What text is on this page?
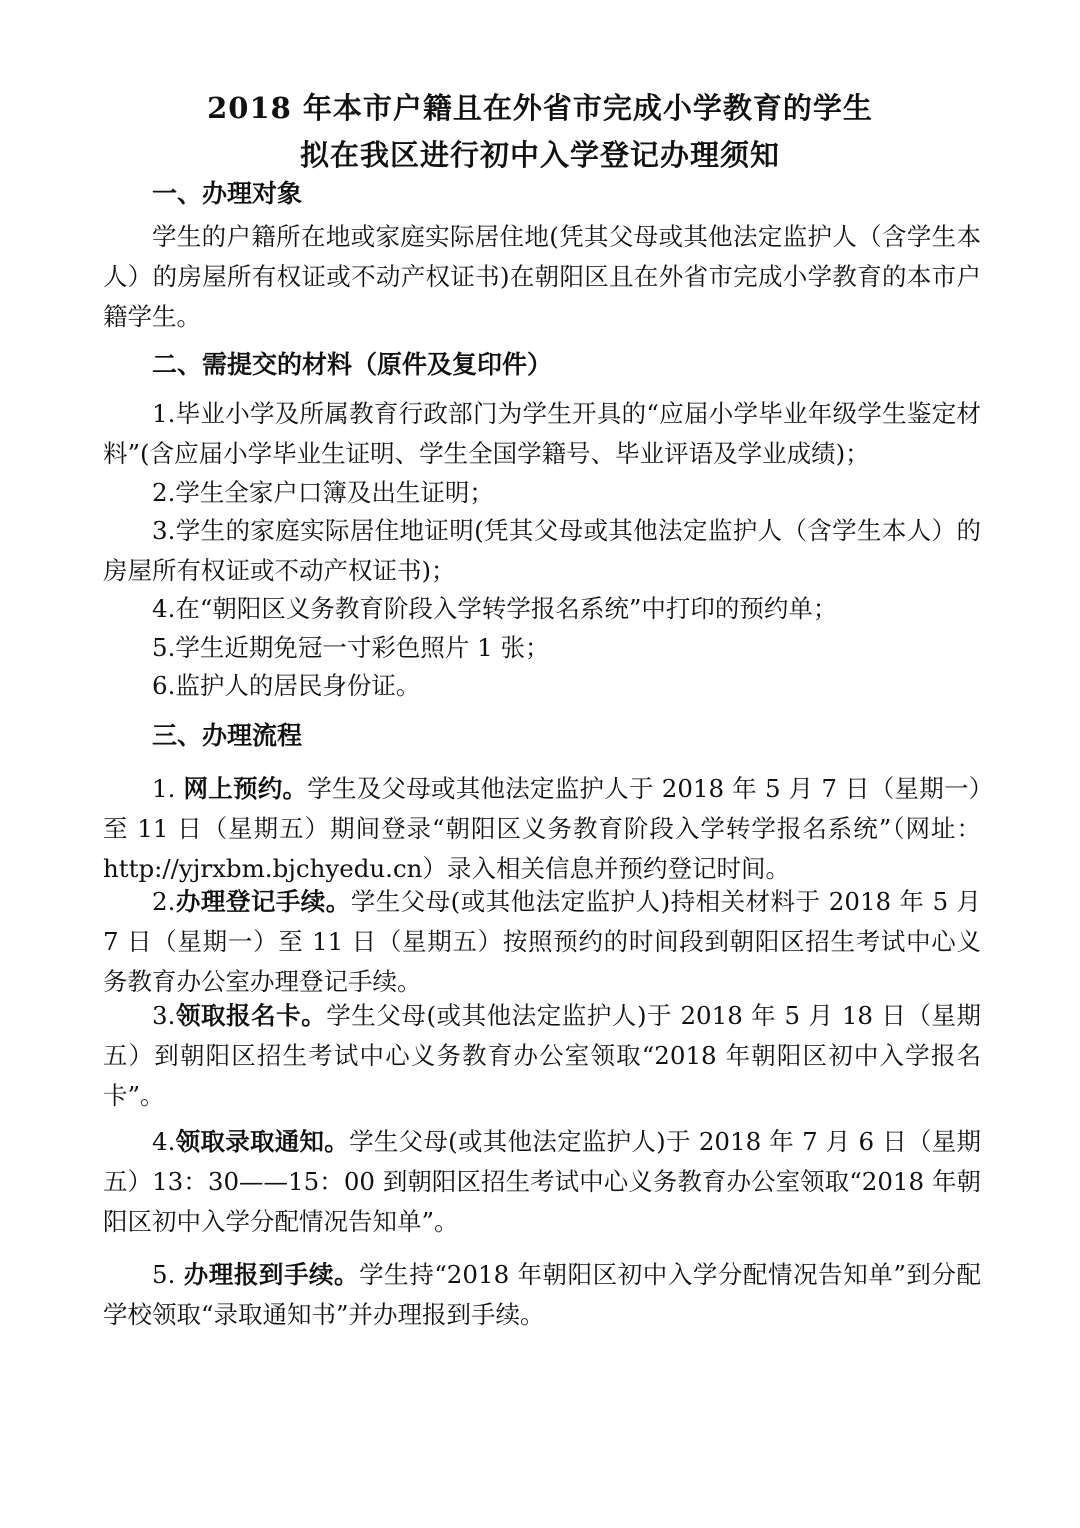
2018 年本市户籍且在外省市完成小学教育的学生
拟在我区进行初中入学登记办理须知
一、办理对象

学生的户籍所在地或家庭实际居住地(凭其父母或其他法定监护人（含学生本人）的房屋所有权证或不动产权证书)在朝阳区且在外省市完成小学教育的本市户籍学生。

二、需提交的材料（原件及复印件）

1.毕业小学及所属教育行政部门为学生开具的“应届小学毕业年级学生鉴定材料”(含应届小学毕业生证明、学生全国学籍号、毕业评语及学业成绩)；

2.学生全家户口簿及出生证明；

3.学生的家庭实际居住地证明(凭其父母或其他法定监护人（含学生本人）的房屋所有权证或不动产权证书)；

4.在“朝阳区义务教育阶段入学转学报名系统”中打印的预约单；

5.学生近期免冠一寸彩色照片 1 张；

6.监护人的居民身份证。

三、办理流程

1. 网上预约。学生及父母或其他法定监护人于 2018 年 5 月 7 日（星期一）至 11 日（星期五）期间登录“朝阳区义务教育阶段入学转学报名系统”（网址：http://yjrxbm.bjchyedu.cn）录入相关信息并预约登记时间。

2.办理登记手续。学生父母(或其他法定监护人)持相关材料于 2018 年 5 月 7 日（星期一）至 11 日（星期五）按照预约的时间段到朝阳区招生考试中心义务教育办公室办理登记手续。

3.领取报名卡。学生父母(或其他法定监护人)于 2018 年 5 月 18 日（星期五）到朝阳区招生考试中心义务教育办公室领取“2018 年朝阳区初中入学报名卡”。

4.领取录取通知。学生父母(或其他法定监护人)于 2018 年 7 月 6 日（星期五）13：30——15：00 到朝阳区招生考试中心义务教育办公室领取“2018 年朝阳区初中入学分配情况告知单”。

5. 办理报到手续。学生持“2018 年朝阳区初中入学分配情况告知单”到分配学校领取“录取通知书”并办理报到手续。
